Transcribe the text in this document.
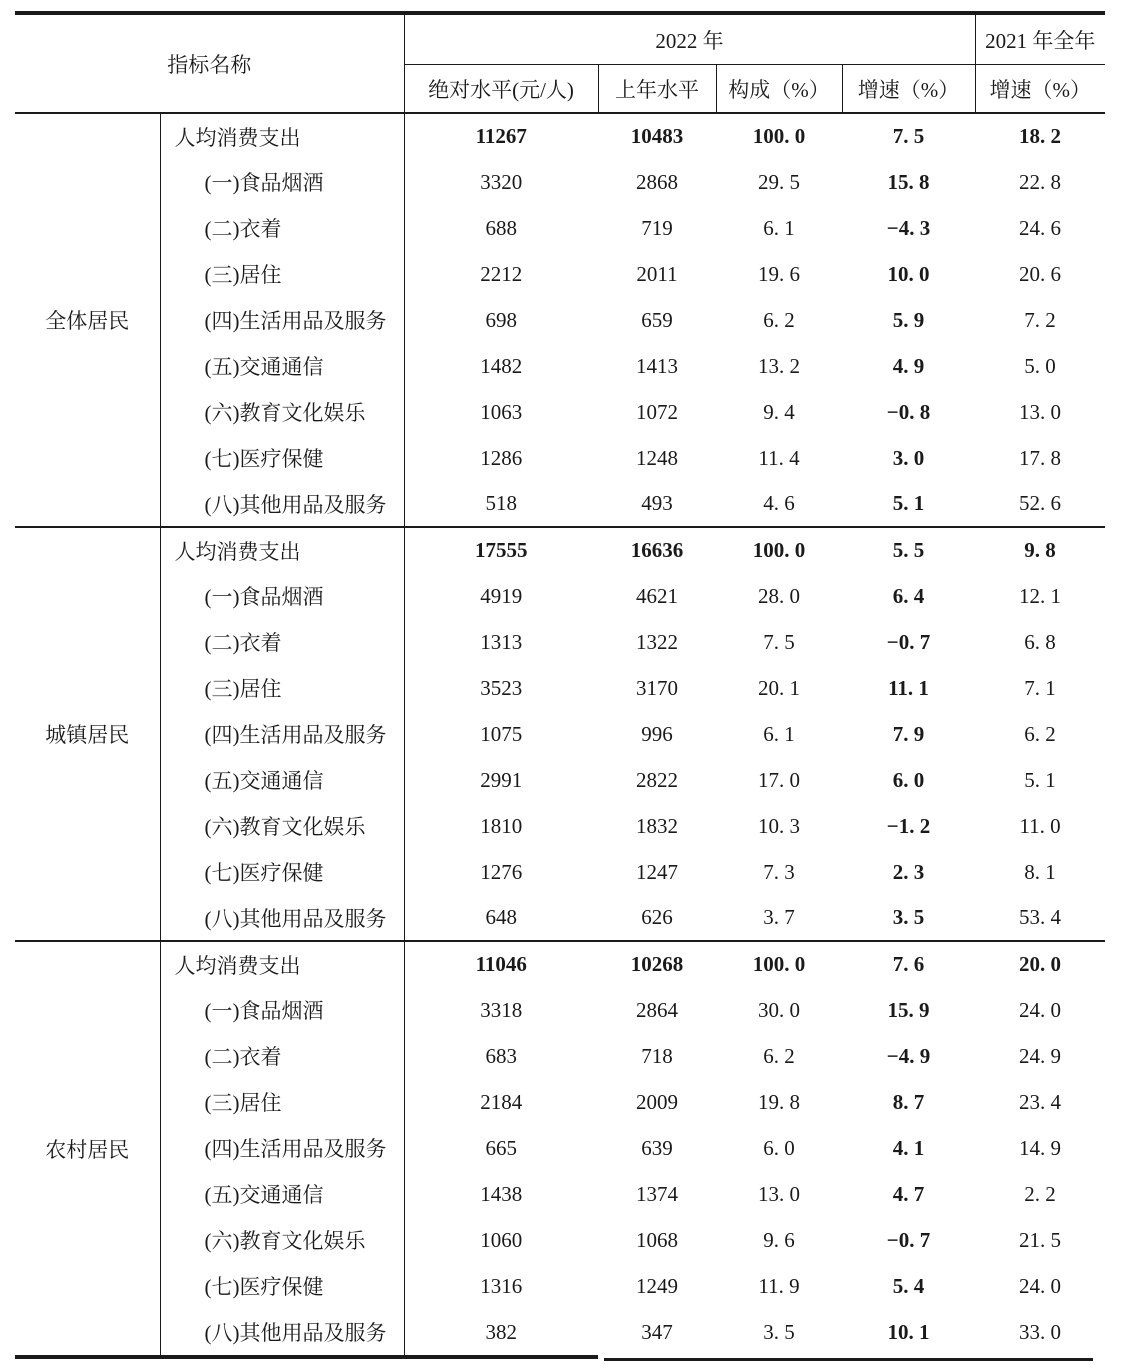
指标名称		2022 年				2021 年全年
		绝对水平(元/人)	上年水平	构成（%）	增速（%）	增速（%）
全体居民	人均消费支出	11267	10483	100. 0	7. 5	18. 2
	(一)食品烟酒	3320	2868	29. 5	15. 8	22. 8
	(二)衣着	688	719	6. 1	−4. 3	24. 6
	(三)居住	2212	2011	19. 6	10. 0	20. 6
	(四)生活用品及服务	698	659	6. 2	5. 9	7. 2
	(五)交通通信	1482	1413	13. 2	4. 9	5. 0
	(六)教育文化娱乐	1063	1072	9. 4	−0. 8	13. 0
	(七)医疗保健	1286	1248	11. 4	3. 0	17. 8
	(八)其他用品及服务	518	493	4. 6	5. 1	52. 6
城镇居民	人均消费支出	17555	16636	100. 0	5. 5	9. 8
	(一)食品烟酒	4919	4621	28. 0	6. 4	12. 1
	(二)衣着	1313	1322	7. 5	−0. 7	6. 8
	(三)居住	3523	3170	20. 1	11. 1	7. 1
	(四)生活用品及服务	1075	996	6. 1	7. 9	6. 2
	(五)交通通信	2991	2822	17. 0	6. 0	5. 1
	(六)教育文化娱乐	1810	1832	10. 3	−1. 2	11. 0
	(七)医疗保健	1276	1247	7. 3	2. 3	8. 1
	(八)其他用品及服务	648	626	3. 7	3. 5	53. 4
农村居民	人均消费支出	11046	10268	100. 0	7. 6	20. 0
	(一)食品烟酒	3318	2864	30. 0	15. 9	24. 0
	(二)衣着	683	718	6. 2	−4. 9	24. 9
	(三)居住	2184	2009	19. 8	8. 7	23. 4
	(四)生活用品及服务	665	639	6. 0	4. 1	14. 9
	(五)交通通信	1438	1374	13. 0	4. 7	2. 2
	(六)教育文化娱乐	1060	1068	9. 6	−0. 7	21. 5
	(七)医疗保健	1316	1249	11. 9	5. 4	24. 0
	(八)其他用品及服务	382	347	3. 5	10. 1	33. 0
